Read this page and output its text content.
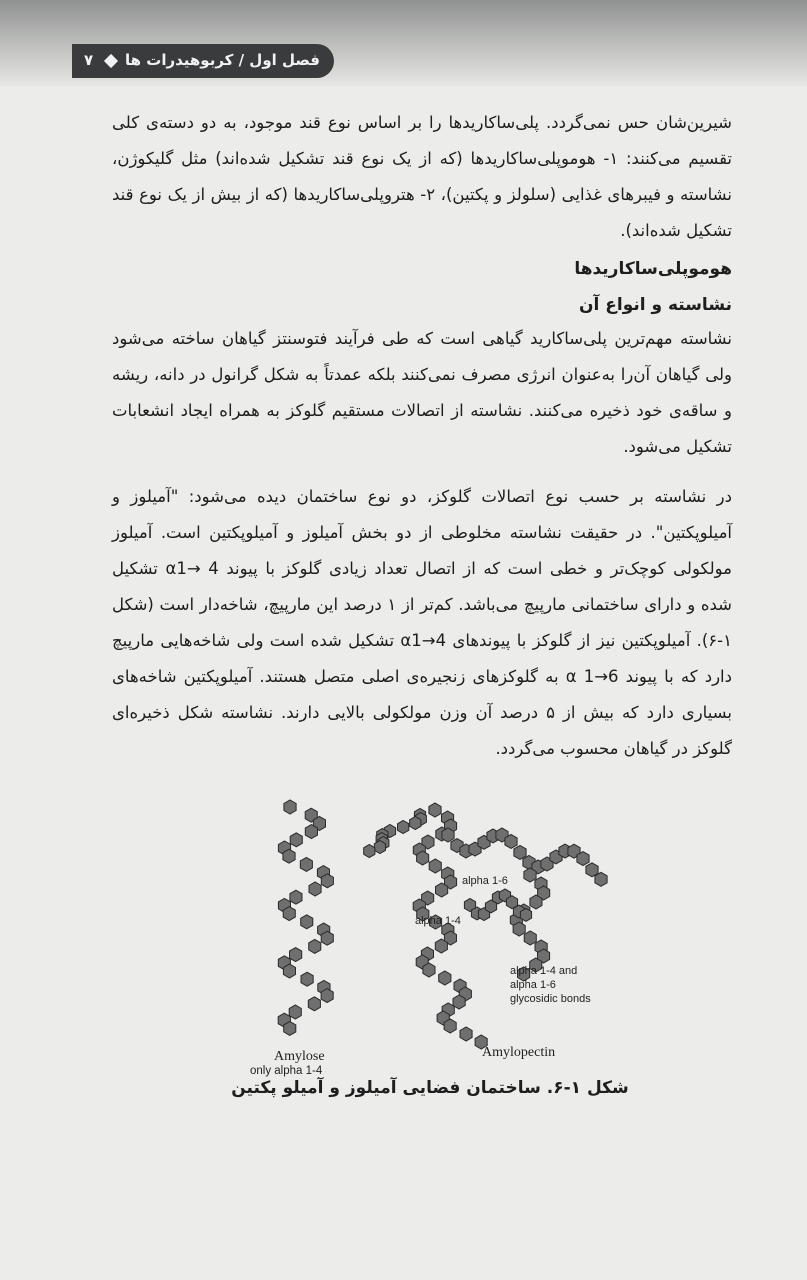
۷ فصل اول / کربوهیدرات ها

شیرین‌شان حس نمی‌گردد. پلی‌ساکاریدها را بر اساس نوع قند موجود، به دو دسته‌ی کلی تقسیم می‌کنند: ۱- هوموپلی‌ساکاریدها (که از یک نوع قند تشکیل شده‌اند) مثل گلیکوژن، نشاسته و فیبرهای غذایی (سلولز و پکتین)، ۲- هتروپلی‌ساکاریدها (که از بیش از یک نوع قند تشکیل شده‌اند).

هوموپلی‌ساکاریدها

نشاسته و انواع آن

نشاسته مهم‌ترین پلی‌ساکارید گیاهی است که طی فرآیند فتوسنتز گیاهان ساخته می‌شود ولی گیاهان آن‌را به‌عنوان انرژی مصرف نمی‌کنند بلکه عمدتاً به شکل گرانول در دانه، ریشه و ساقه‌ی خود ذخیره می‌کنند. نشاسته از اتصالات مستقیم گلوکز به همراه ایجاد انشعابات تشکیل می‌شود.

در نشاسته بر حسب نوع اتصالات گلوکز، دو نوع ساختمان دیده می‌شود: "آمیلوز و آمیلوپکتین". در حقیقت نشاسته مخلوطی از دو بخش آمیلوز و آمیلوپکتین است. آمیلوز مولکولی کوچک‌تر و خطی است که از اتصال تعداد زیادی گلوکز با پیوند α1→ 4 تشکیل شده و دارای ساختمانی مارپیچ می‌باشد. کم‌تر از ۱ درصد این مارپیچ، شاخه‌دار است (شکل ۱-۶). آمیلوپکتین نیز از گلوکز با پیوندهای α1→4 تشکیل شده است ولی شاخه‌هایی مارپیچ دارد که با پیوند α 1→6 به گلوکزهای زنجیره‌ی اصلی متصل هستند. آمیلوپکتین شاخه‌های بسیاری دارد که بیش از ۵ درصد آن وزن مولکولی بالایی دارند. نشاسته شکل ذخیره‌ای گلوکز در گیاهان محسوب می‌گردد.

alpha 1-6
alpha 1-4
alpha 1-4 and
alpha 1-6
glycosidic bonds
Amylose
only alpha 1-4
Amylopectin
شکل ۱-۶. ساختمان فضایی آمیلوز و آمیلو پکتین
